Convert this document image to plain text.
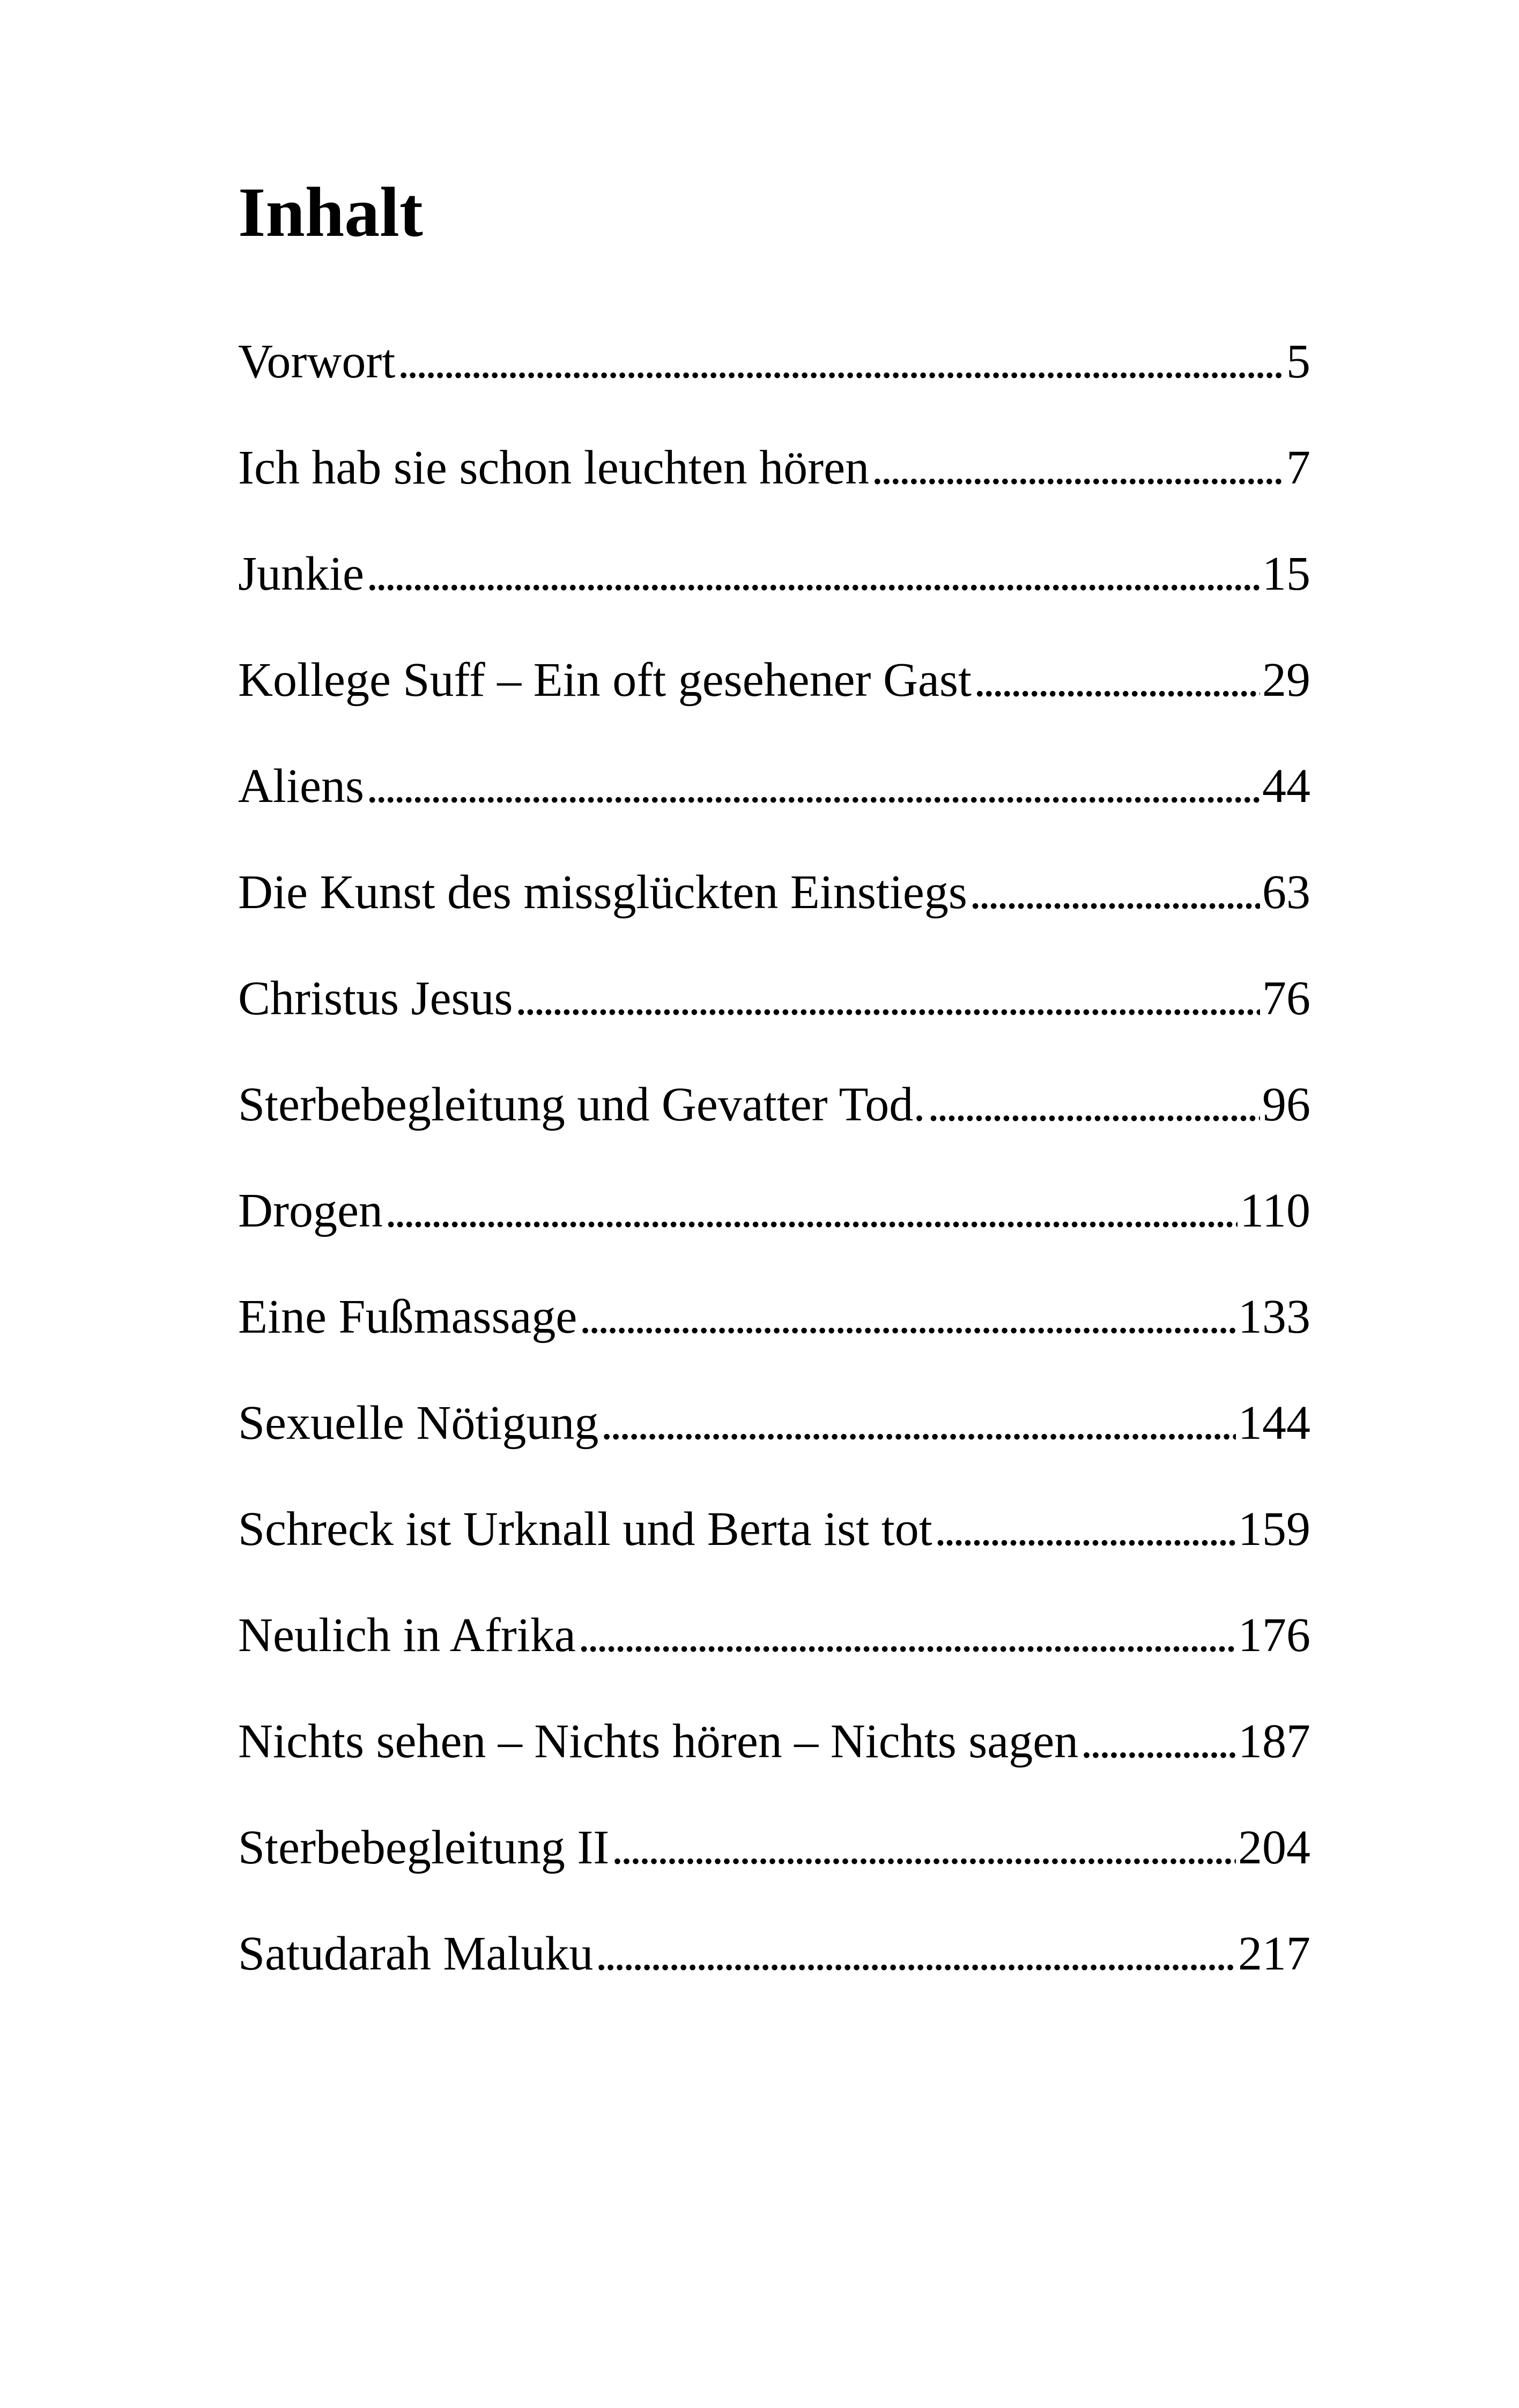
Inhalt
Vorwort . . .	5
Ich hab sie schon leuchten hören . . .	7
Junkie . . .	15
Kollege Suff – Ein oft gesehener Gast . . .	29
Aliens . . .	44
Die Kunst des missglückten Einstiegs . . .	63
Christus Jesus . . .	76
Sterbebegleitung und Gevatter Tod. . . .	96
Drogen . . .	110
Eine Fußmassage . . .	133
Sexuelle Nötigung . . .	144
Schreck ist Urknall und Berta ist tot . . .	159
Neulich in Afrika . . .	176
Nichts sehen – Nichts hören – Nichts sagen . . .	187
Sterbebegleitung II . . .	204
Satudarah Maluku . . .	217
